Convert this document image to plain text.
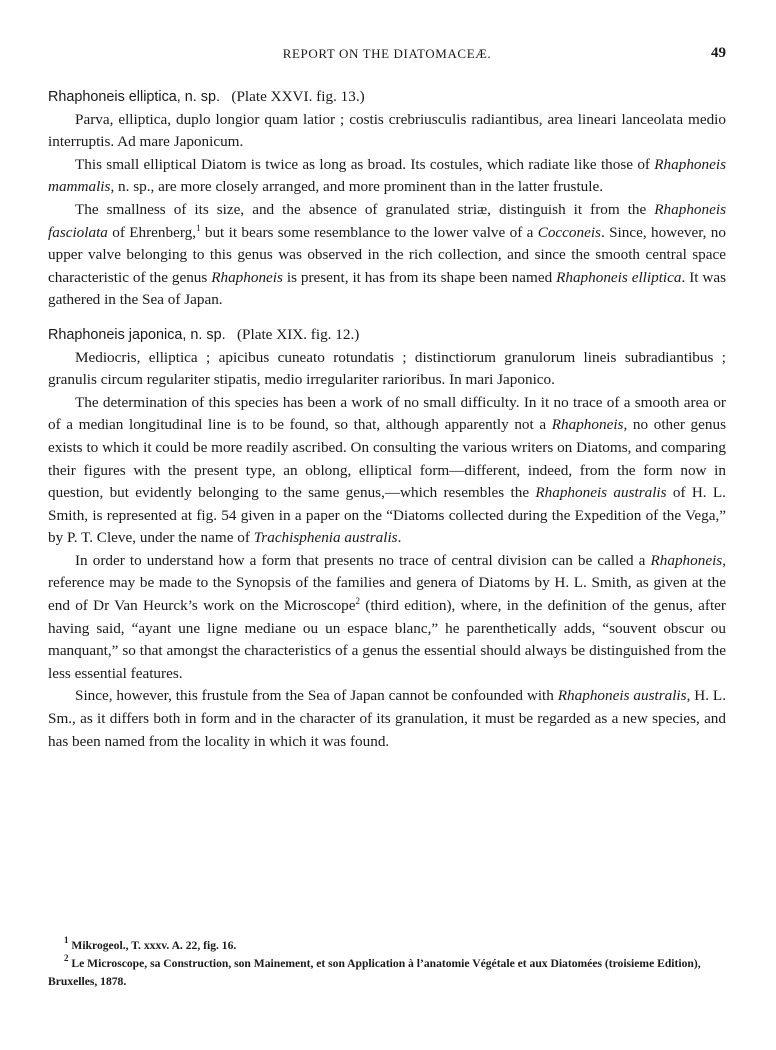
REPORT ON THE DIATOMACEÆ.	49
Rhaphoneis elliptica, n. sp. (Plate XXVI. fig. 13.)

Parva, elliptica, duplo longior quam latior ; costis crebriusculis radiantibus, area lineari lanceolata medio interruptis. Ad mare Japonicum.

This small elliptical Diatom is twice as long as broad. Its costules, which radiate like those of Rhaphoneis mammalis, n. sp., are more closely arranged, and more prominent than in the latter frustule.

The smallness of its size, and the absence of granulated striæ, distinguish it from the Rhaphoneis fasciolata of Ehrenberg,$^1$ but it bears some resemblance to the lower valve of a Cocconeis. Since, however, no upper valve belonging to this genus was observed in the rich collection, and since the smooth central space characteristic of the genus Rhaphoneis is present, it has from its shape been named Rhaphoneis elliptica. It was gathered in the Sea of Japan.

Rhaphoneis japonica, n. sp. (Plate XIX. fig. 12.)

Mediocris, elliptica ; apicibus cuneato rotundatis ; distinctiorum granulorum lineis subradiantibus ; granulis circum regulariter stipatis, medio irregulariter rarioribus. In mari Japonico.

The determination of this species has been a work of no small difficulty. In it no trace of a smooth area or of a median longitudinal line is to be found, so that, although apparently not a Rhaphoneis, no other genus exists to which it could be more readily ascribed. On consulting the various writers on Diatoms, and comparing their figures with the present type, an oblong, elliptical form—different, indeed, from the form now in question, but evidently belonging to the same genus,—which resembles the Rhaphoneis australis of H. L. Smith, is represented at fig. 54 given in a paper on the “Diatoms collected during the Expedition of the Vega,” by P. T. Cleve, under the name of Trachisphenia australis.

In order to understand how a form that presents no trace of central division can be called a Rhaphoneis, reference may be made to the Synopsis of the families and genera of Diatoms by H. L. Smith, as given at the end of Dr Van Heurck’s work on the Microscope$^2$ (third edition), where, in the definition of the genus, after having said, “ayant une ligne mediane ou un espace blanc,” he parenthetically adds, “souvent obscur ou manquant,” so that amongst the characteristics of a genus the essential should always be distinguished from the less essential features.

Since, however, this frustule from the Sea of Japan cannot be confounded with Rhaphoneis australis, H. L. Sm., as it differs both in form and in the character of its granulation, it must be regarded as a new species, and has been named from the locality in which it was found.

$^1$ Mikrogeol., T. xxxv. A. 22, fig. 16.
$^2$ Le Microscope, sa Construction, son Mainement, et son Application à l’anatomie Végétale et aux Diatomées (troisieme Edition), Bruxelles, 1878.
